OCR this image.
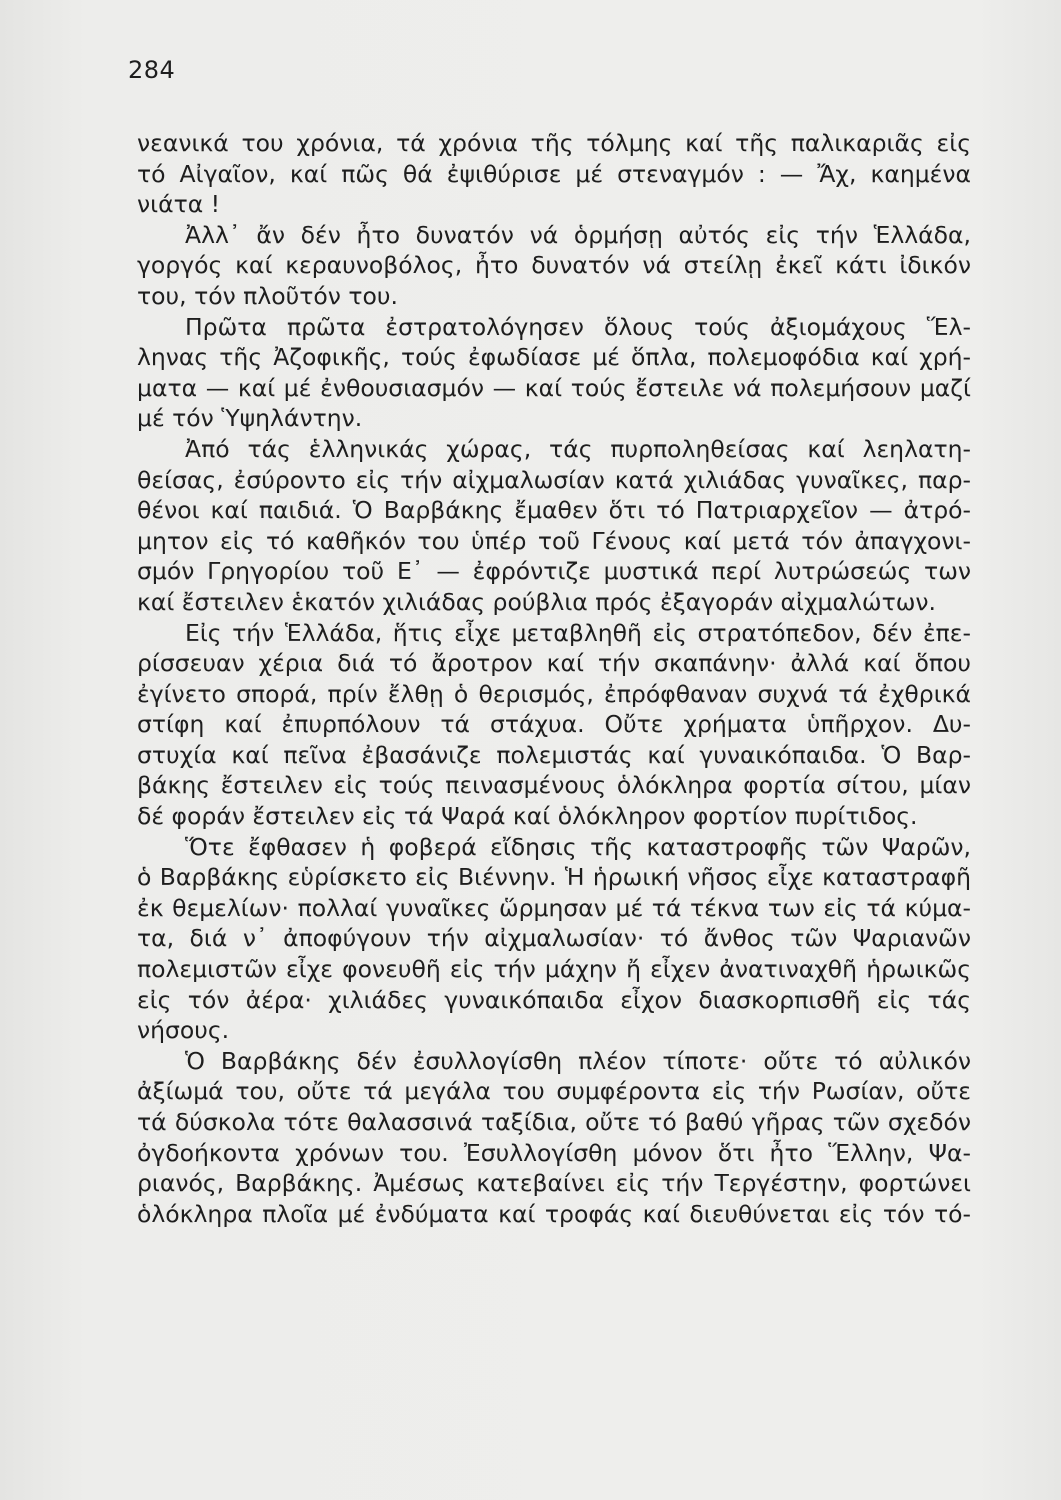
284
νεανικά του χρόνια, τά χρόνια τῆς τόλμης καί τῆς παλικαριᾶς εἰς
τό Αἰγαῖον, καί πῶς θά ἐψιθύρισε μέ στεναγμόν : — Ἄχ, καημένα
νιάτα !
Ἀλλ᾽ ἄν δέν ἦτο δυνατόν νά ὁρμήσῃ αὐτός εἰς τήν Ἑλλάδα,
γοργός καί κεραυνοβόλος, ἦτο δυνατόν νά στείλῃ ἐκεῖ κάτι ἰδικόν
του, τόν πλοῦτόν του.
Πρῶτα πρῶτα ἐστρατολόγησεν ὅλους τούς ἀξιομάχους Ἕλ-
ληνας τῆς Ἀζοφικῆς, τούς ἐφωδίασε μέ ὅπλα, πολεμοφόδια καί χρή-
ματα — καί μέ ἐνθουσιασμόν — καί τούς ἔστειλε νά πολεμήσουν μαζί
μέ τόν Ὑψηλάντην.
Ἀπό τάς ἑλληνικάς χώρας, τάς πυρποληθείσας καί λεηλατη-
θείσας, ἐσύροντο εἰς τήν αἰχμαλωσίαν κατά χιλιάδας γυναῖκες, παρ-
θένοι καί παιδιά. Ὁ Βαρβάκης ἔμαθεν ὅτι τό Πατριαρχεῖον — ἀτρό-
μητον εἰς τό καθῆκόν του ὑπέρ τοῦ Γένους καί μετά τόν ἀπαγχονι-
σμόν Γρηγορίου τοῦ Ε᾽ — ἐφρόντιζε μυστικά περί λυτρώσεώς των
καί ἔστειλεν ἑκατόν χιλιάδας ρούβλια πρός ἐξαγοράν αἰχμαλώτων.
Εἰς τήν Ἑλλάδα, ἥτις εἶχε μεταβληθῆ εἰς στρατόπεδον, δέν ἐπε-
ρίσσευαν χέρια διά τό ἄροτρον καί τήν σκαπάνην· ἀλλά καί ὅπου
ἐγίνετο σπορά, πρίν ἔλθῃ ὁ θερισμός, ἐπρόφθαναν συχνά τά ἐχθρικά
στίφη καί ἐπυρπόλουν τά στάχυα. Οὔτε χρήματα ὑπῆρχον. Δυ-
στυχία καί πεῖνα ἐβασάνιζε πολεμιστάς καί γυναικόπαιδα. Ὁ Βαρ-
βάκης ἔστειλεν εἰς τούς πεινασμένους ὁλόκληρα φορτία σίτου, μίαν
δέ φοράν ἔστειλεν εἰς τά Ψαρά καί ὁλόκληρον φορτίον πυρίτιδος.
Ὅτε ἔφθασεν ἡ φοβερά εἴδησις τῆς καταστροφῆς τῶν Ψαρῶν,
ὁ Βαρβάκης εὑρίσκετο εἰς Βιέννην. Ἡ ἡρωική νῆσος εἶχε καταστραφῆ
ἐκ θεμελίων· πολλαί γυναῖκες ὥρμησαν μέ τά τέκνα των εἰς τά κύμα-
τα, διά ν᾽ ἀποφύγουν τήν αἰχμαλωσίαν· τό ἄνθος τῶν Ψαριανῶν
πολεμιστῶν εἶχε φονευθῆ εἰς τήν μάχην ἤ εἶχεν ἀνατιναχθῆ ἡρωικῶς
εἰς τόν ἀέρα· χιλιάδες γυναικόπαιδα εἶχον διασκορπισθῆ εἰς τάς
νήσους.
Ὁ Βαρβάκης δέν ἐσυλλογίσθη πλέον τίποτε· οὔτε τό αὐλικόν
ἀξίωμά του, οὔτε τά μεγάλα του συμφέροντα εἰς τήν Ρωσίαν, οὔτε
τά δύσκολα τότε θαλασσινά ταξίδια, οὔτε τό βαθύ γῆρας τῶν σχεδόν
ὀγδοήκοντα χρόνων του. Ἐσυλλογίσθη μόνον ὅτι ἦτο Ἕλλην, Ψα-
ριανός, Βαρβάκης. Ἀμέσως κατεβαίνει εἰς τήν Τεργέστην, φορτώνει
ὁλόκληρα πλοῖα μέ ἐνδύματα καί τροφάς καί διευθύνεται εἰς τόν τό-
